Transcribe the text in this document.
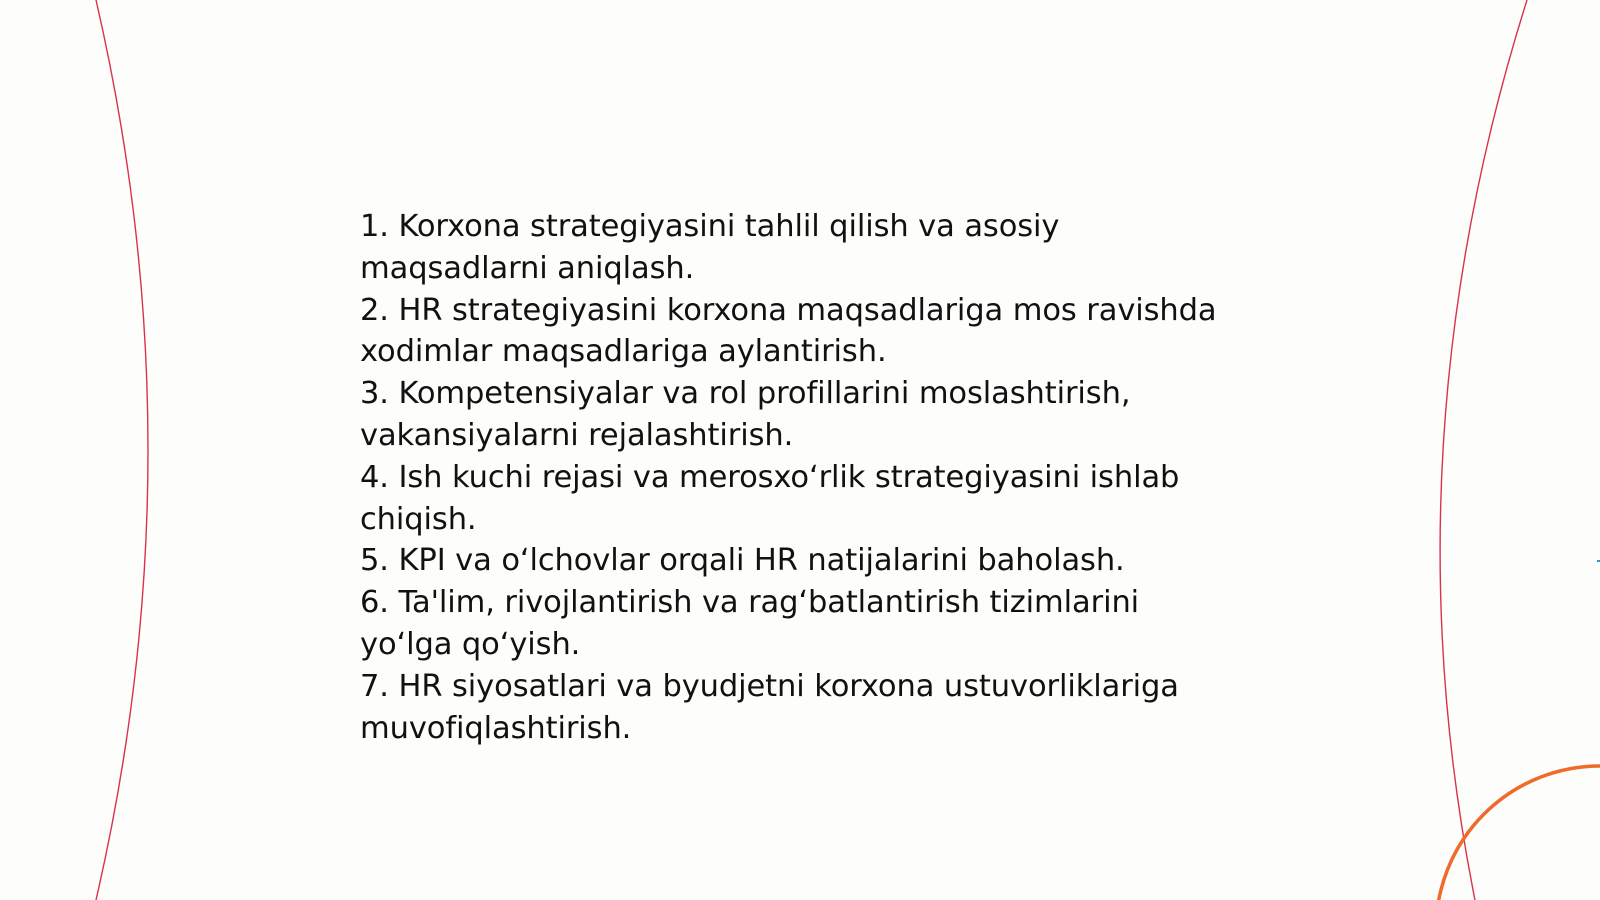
1. Korxona strategiyasini tahlil qilish va asosiy maqsadlarni aniqlash.
2. HR strategiyasini korxona maqsadlariga mos ravishda xodimlar maqsadlariga aylantirish.
3. Kompetensiyalar va rol profillarini moslashtirish, vakansiyalarni rejalashtirish.
4. Ish kuchi rejasi va merosxoʻrlik strategiyasini ishlab chiqish.
5. KPI va oʻlchovlar orqali HR natijalarini baholash.
6. Ta'lim, rivojlantirish va ragʻbatlantirish tizimlarini yoʻlga qoʻyish.
7. HR siyosatlari va byudjetni korxona ustuvorliklariga muvofiqlashtirish.
